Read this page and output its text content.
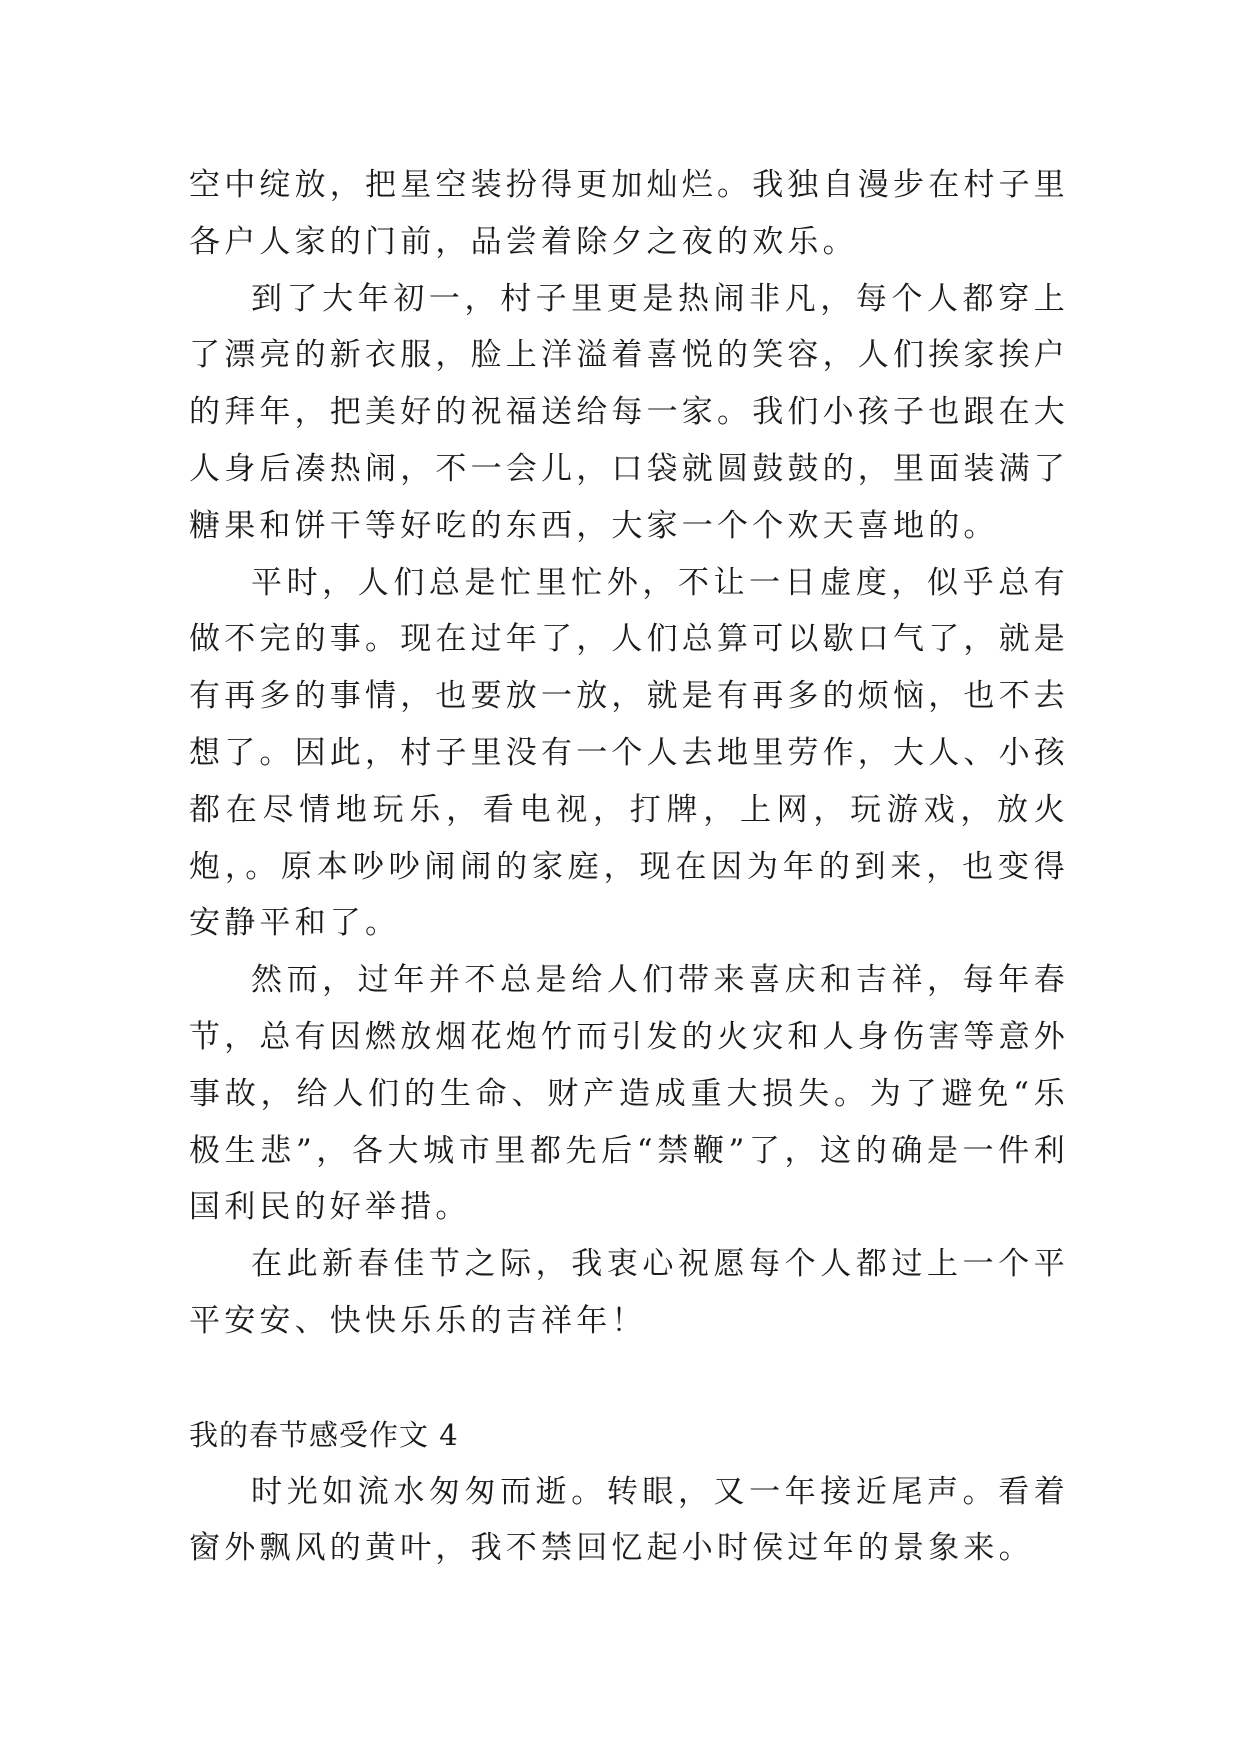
空中绽放，把星空装扮得更加灿烂。我独自漫步在村子里各户人家的门前，品尝着除夕之夜的欢乐。

到了大年初一，村子里更是热闹非凡，每个人都穿上了漂亮的新衣服，脸上洋溢着喜悦的笑容，人们挨家挨户的拜年，把美好的祝福送给每一家。我们小孩子也跟在大人身后凑热闹，不一会儿，口袋就圆鼓鼓的，里面装满了糖果和饼干等好吃的东西，大家一个个欢天喜地的。

平时，人们总是忙里忙外，不让一日虚度，似乎总有做不完的事。现在过年了，人们总算可以歇口气了，就是有再多的事情，也要放一放，就是有再多的烦恼，也不去想了。因此，村子里没有一个人去地里劳作，大人、小孩都在尽情地玩乐，看电视，打牌，上网，玩游戏，放火炮，。原本吵吵闹闹的家庭，现在因为年的到来，也变得安静平和了。

然而，过年并不总是给人们带来喜庆和吉祥，每年春节，总有因燃放烟花炮竹而引发的火灾和人身伤害等意外事故，给人们的生命、财产造成重大损失。为了避免“乐极生悲”，各大城市里都先后“禁鞭”了，这的确是一件利国利民的好举措。

在此新春佳节之际，我衷心祝愿每个人都过上一个平平安安、快快乐乐的吉祥年！

我的春节感受作文 4

时光如流水匆匆而逝。转眼，又一年接近尾声。看着窗外飘风的黄叶，我不禁回忆起小时侯过年的景象来。
